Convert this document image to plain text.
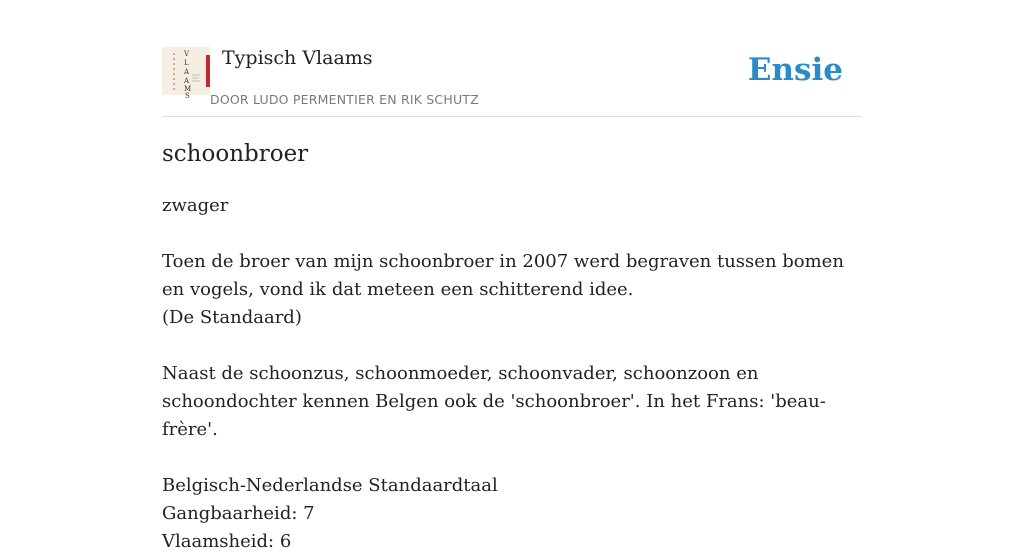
V
L
A
A
M
S
Typisch Vlaams
DOOR LUDO PERMENTIER EN RIK SCHUTZ
Ensie
schoonbroer

zwager

Toen de broer van mijn schoonbroer in 2007 werd begraven tussen bomen en vogels, vond ik dat meteen een schitterend idee.

(De Standaard)

Naast de schoonzus, schoonmoeder, schoonvader, schoonzoon en schoondochter kennen Belgen ook de 'schoonbroer'. In het Frans: 'beau-frère'.

Belgisch-Nederlandse Standaardtaal

Gangbaarheid: 7

Vlaamsheid: 6
